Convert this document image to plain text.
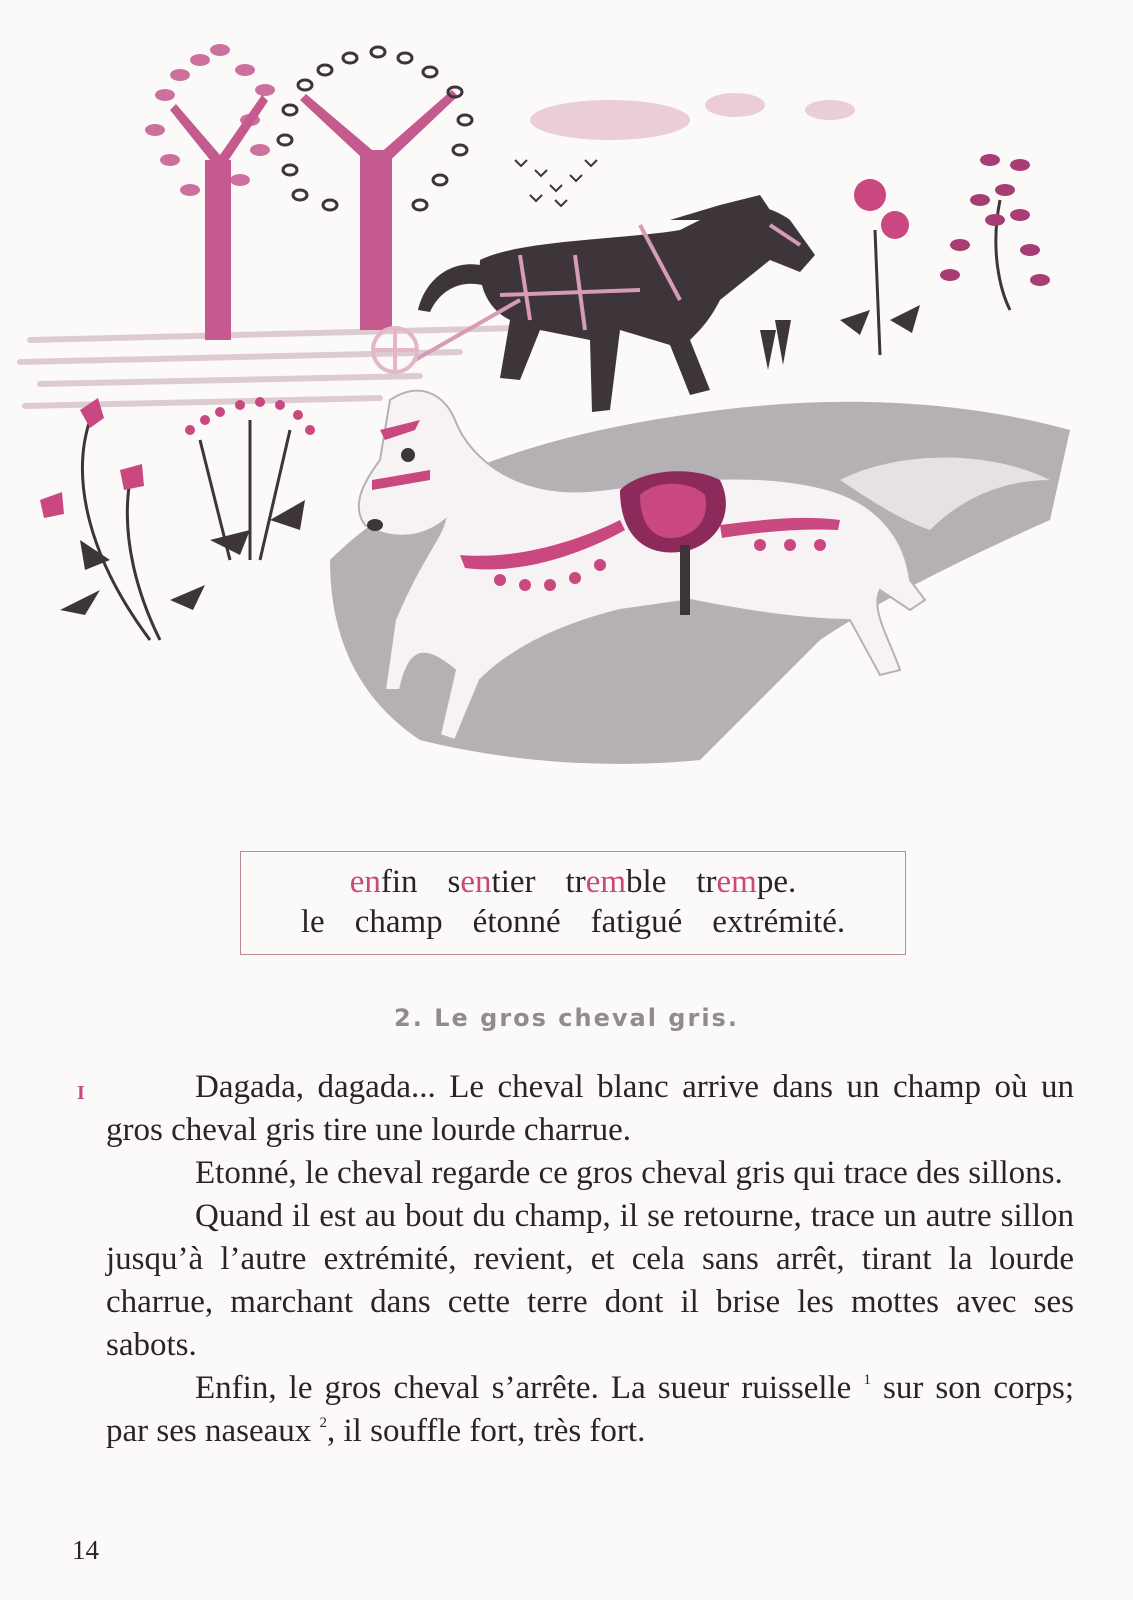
enfin sentier tremble trempe.
le champ étonné fatigué extrémité.
2. Le gros cheval gris.
I	Dagada, dagada... Le cheval blanc arrive dans un champ où un gros cheval gris tire une lourde charrue.

Etonné, le cheval regarde ce gros cheval gris qui trace des sillons.

Quand il est au bout du champ, il se retourne, trace un autre sillon jusqu’à l’autre extrémité, revient, et cela sans arrêt, tirant la lourde charrue, marchant dans cette terre dont il brise les mottes avec ses sabots.

Enfin, le gros cheval s’arrête. La sueur ruisselle $^1$ sur son corps; par ses naseaux $^2$, il souffle fort, très fort.

14
